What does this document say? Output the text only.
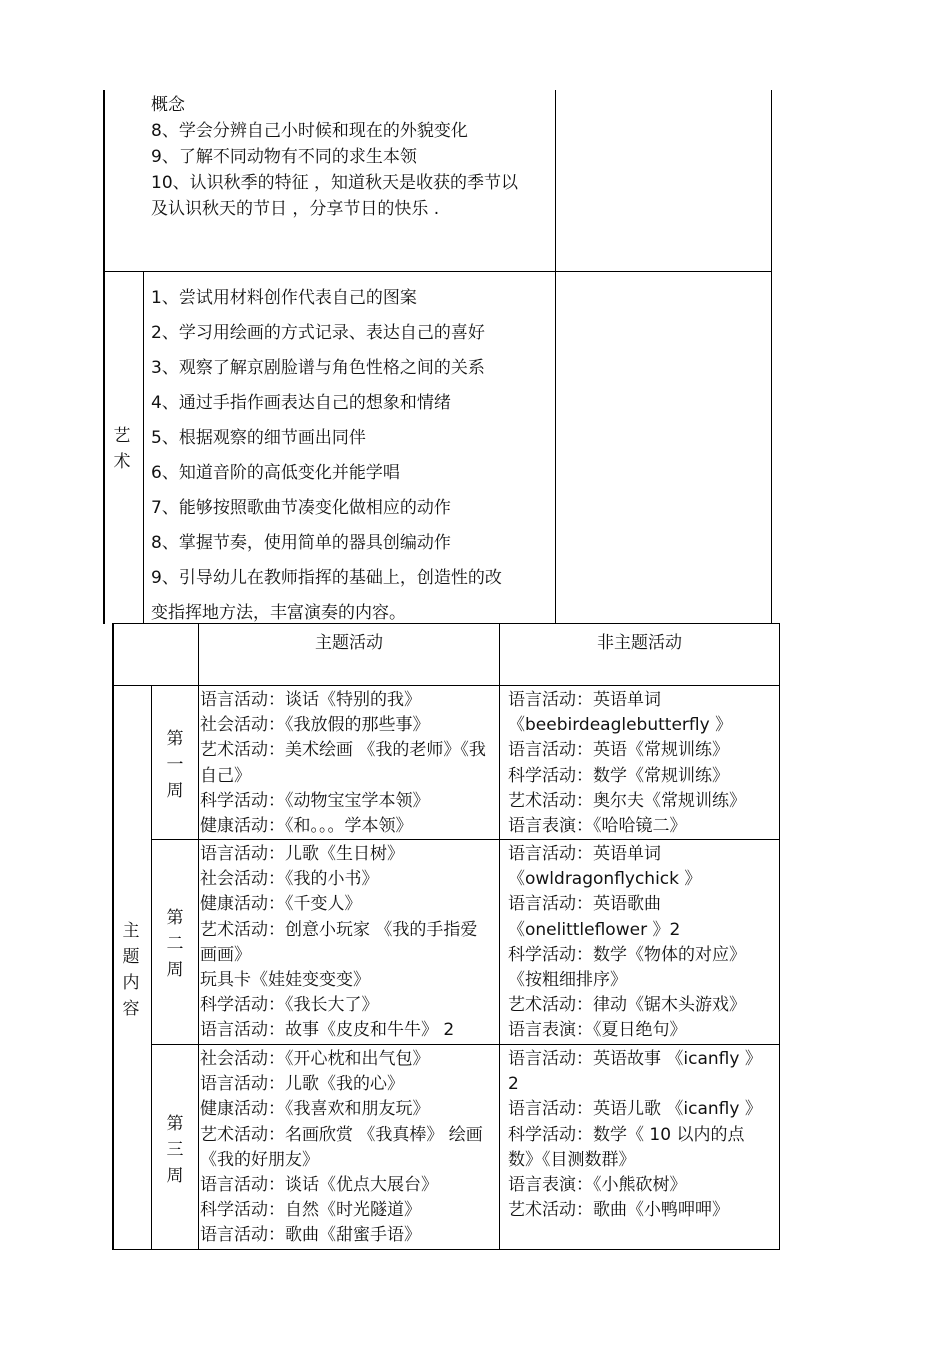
概念
8、学会分辨自己小时候和现在的外貌变化
9、了解不同动物有不同的求生本领
10、认识秋季的特征 ，知道秋天是收获的季节以
及认识秋天的节日 ，分享节日的快乐 .
艺术
1、尝试用材料创作代表自己的图案
2、学习用绘画的方式记录、表达自己的喜好
3、观察了解京剧脸谱与角色性格之间的关系
4、通过手指作画表达自己的想象和情绪
5、根据观察的细节画出同伴
6、知道音阶的高低变化并能学唱
7、能够按照歌曲节凑变化做相应的动作
8、掌握节奏，使用简单的器具创编动作
9、引导幼儿在教师指挥的基础上，创造性的改
变指挥地方法，丰富演奏的内容。
主题活动	非主题活动
主题内容
第一周
第二周
第三周
语言活动：谈话《特别的我》
社会活动：《我放假的那些事》
艺术活动：美术绘画 《我的老师》《我
自己》
科学活动：《动物宝宝学本领》
健康活动：《和。。。学本领》
语言活动：英语单词
《beebirdeaglebutterfly 》
语言活动：英语《常规训练》
科学活动：数学《常规训练》
艺术活动：奥尔夫《常规训练》
语言表演：《哈哈镜二》
语言活动：儿歌《生日树》
社会活动：《我的小书》
健康活动：《千变人》
艺术活动：创意小玩家 《我的手指爱
画画》
玩具卡《娃娃变变变》
科学活动：《我长大了》
语言活动：故事《皮皮和牛牛》 2
语言活动：英语单词
《owldragonflychick 》
语言活动：英语歌曲
《onelittleflower 》2
科学活动：数学《物体的对应》
《按粗细排序》
艺术活动：律动《锯木头游戏》
语言表演：《夏日绝句》
社会活动：《开心枕和出气包》
语言活动：儿歌《我的心》
健康活动：《我喜欢和朋友玩》
艺术活动：名画欣赏 《我真棒》 绘画
《我的好朋友》
语言活动：谈话《优点大展台》
科学活动：自然《时光隧道》
语言活动：歌曲《甜蜜手语》
语言活动：英语故事 《icanfly 》
2
语言活动：英语儿歌 《icanfly 》
科学活动：数学《 10 以内的点
数》《目测数群》
语言表演：《小熊砍树》
艺术活动：歌曲《小鸭呷呷》
